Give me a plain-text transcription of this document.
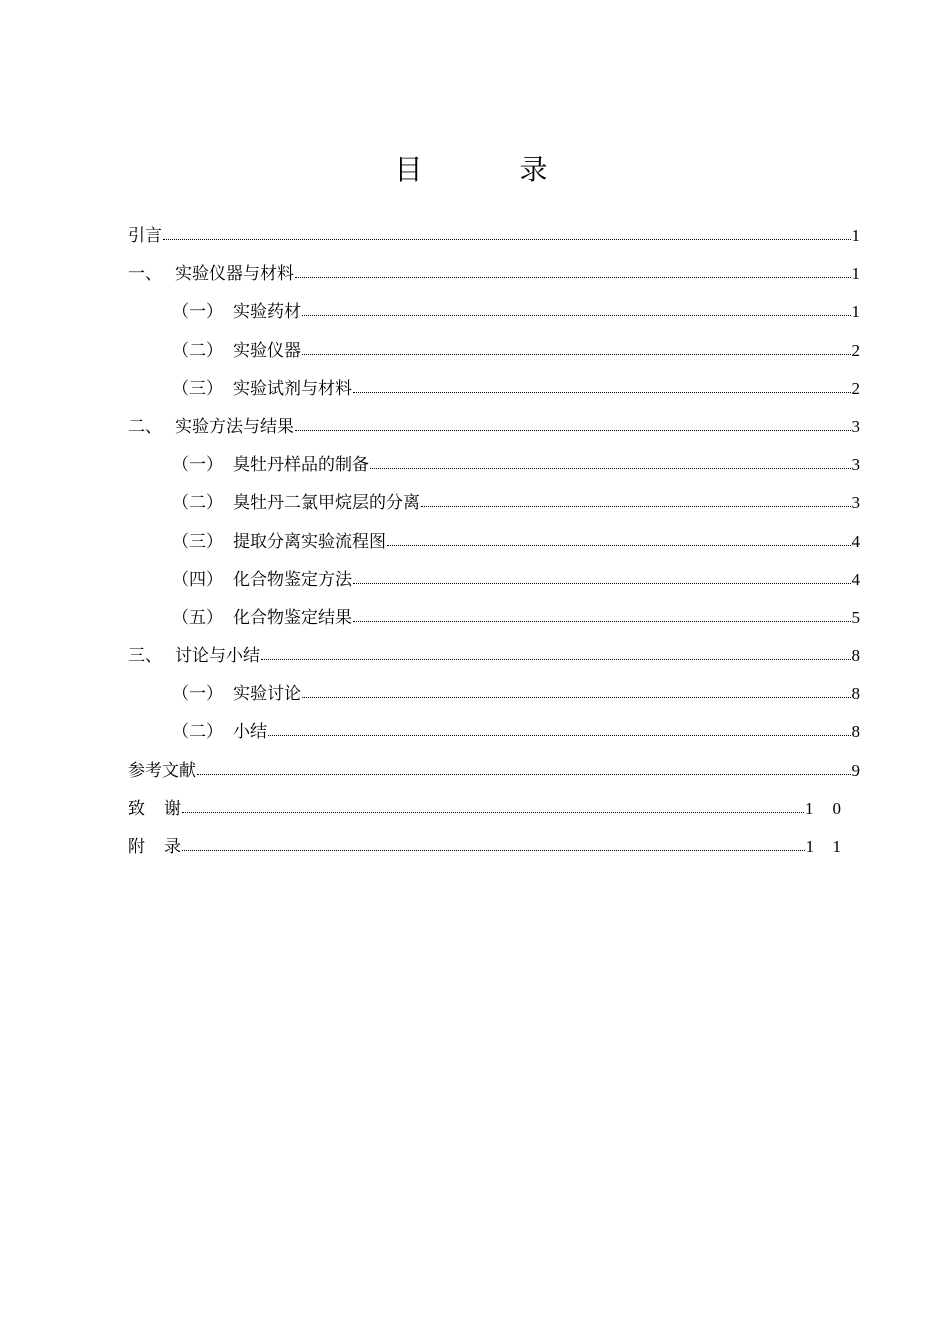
目 录
引言	1
一、 实验仪器与材料	1
（一） 实验药材	1
（二） 实验仪器	2
（三） 实验试剂与材料	2
二、 实验方法与结果	3
（一） 臭牡丹样品的制备	3
（二） 臭牡丹二氯甲烷层的分离	3
（三） 提取分离实验流程图	4
（四） 化合物鉴定方法	4
（五） 化合物鉴定结果	5
三、 讨论与小结	8
（一） 实验讨论	8
（二） 小结	8
参考文献	9
致谢	10
附录	11
